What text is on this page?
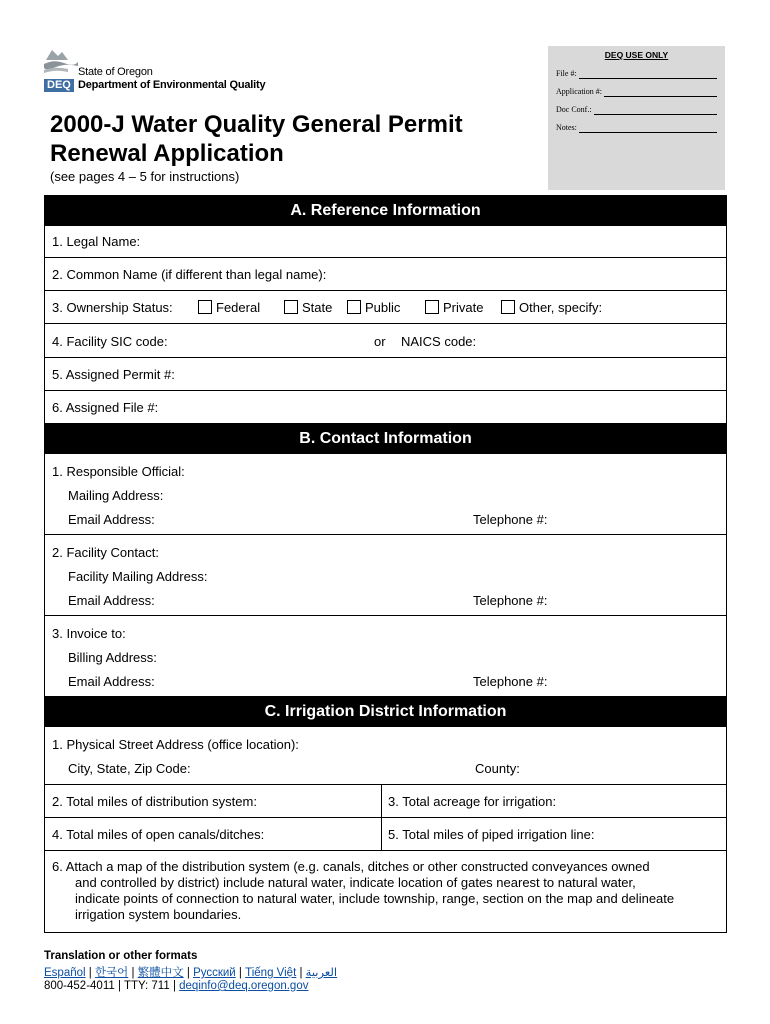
State of Oregon
DEQ Department of Environmental Quality
2000-J Water Quality General Permit
Renewal Application
(see pages 4 – 5 for instructions)
DEQ USE ONLY
File #:
Application #:
Doc Conf.:
Notes:
A. Reference Information
1. Legal Name:
2. Common Name (if different than legal name):
3. Ownership Status:	Federal	State	Public	Private	Other, specify:
4. Facility SIC code:	or NAICS code:
5. Assigned Permit #:
6. Assigned File #:
B. Contact Information
1. Responsible Official:
Mailing Address:
Email Address:	Telephone #:
2. Facility Contact:
Facility Mailing Address:
Email Address:	Telephone #:
3. Invoice to:
Billing Address:
Email Address:	Telephone #:
C. Irrigation District Information
1. Physical Street Address (office location):
City, State, Zip Code:	County:
2. Total miles of distribution system:	3. Total acreage for irrigation:
4. Total miles of open canals/ditches:	5. Total miles of piped irrigation line:
6. Attach a map of the distribution system (e.g. canals, ditches or other constructed conveyances owned
and controlled by district) include natural water, indicate location of gates nearest to natural water,
indicate points of connection to natural water, include township, range, section on the map and delineate
irrigation system boundaries.
Translation or other formats
Español | 한국어 | 繁體中文 | Pусский | Tiếng Việt | العربية
800-452-4011 | TTY: 711 | deqinfo@deq.oregon.gov
